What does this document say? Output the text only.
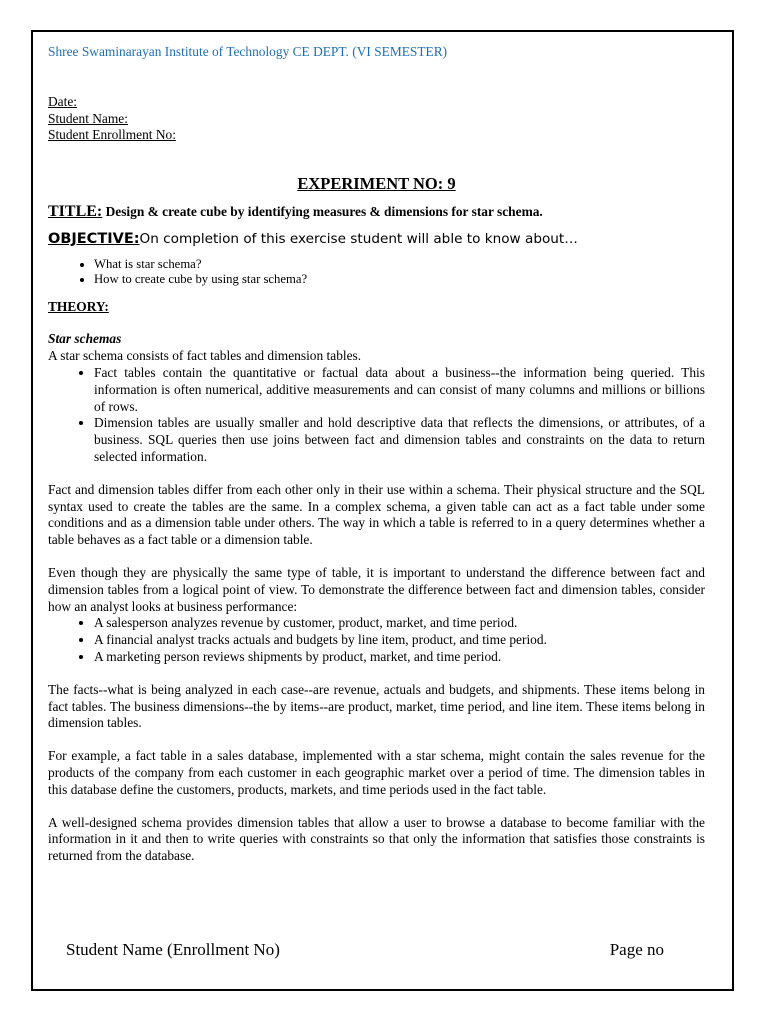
Shree Swaminarayan Institute of Technology CE DEPT. (VI SEMESTER)

Date:
Student Name:
Student Enrollment No:

EXPERIMENT NO: 9

TITLE: Design & create cube by identifying measures & dimensions for star schema.
OBJECTIVE:On completion of this exercise student will able to know about…
• What is star schema?
• How to create cube by using star schema?
THEORY:
Star schemas
A star schema consists of fact tables and dimension tables.
• Fact tables contain the quantitative or factual data about a business--the information being queried. This information is often numerical, additive measurements and can consist of many columns and millions or billions of rows.
• Dimension tables are usually smaller and hold descriptive data that reflects the dimensions, or attributes, of a business. SQL queries then use joins between fact and dimension tables and constraints on the data to return selected information.

Fact and dimension tables differ from each other only in their use within a schema. Their physical structure and the SQL syntax used to create the tables are the same. In a complex schema, a given table can act as a fact table under some conditions and as a dimension table under others. The way in which a table is referred to in a query determines whether a table behaves as a fact table or a dimension table.

Even though they are physically the same type of table, it is important to understand the difference between fact and dimension tables from a logical point of view. To demonstrate the difference between fact and dimension tables, consider how an analyst looks at business performance:

• A salesperson analyzes revenue by customer, product, market, and time period.
• A financial analyst tracks actuals and budgets by line item, product, and time period.
• A marketing person reviews shipments by product, market, and time period.

The facts--what is being analyzed in each case--are revenue, actuals and budgets, and shipments. These items belong in fact tables. The business dimensions--the by items--are product, market, time period, and line item. These items belong in dimension tables.

For example, a fact table in a sales database, implemented with a star schema, might contain the sales revenue for the products of the company from each customer in each geographic market over a period of time. The dimension tables in this database define the customers, products, markets, and time periods used in the fact table.

A well-designed schema provides dimension tables that allow a user to browse a database to become familiar with the information in it and then to write queries with constraints so that only the information that satisfies those constraints is returned from the database.

Student Name (Enrollment No)	Page no
